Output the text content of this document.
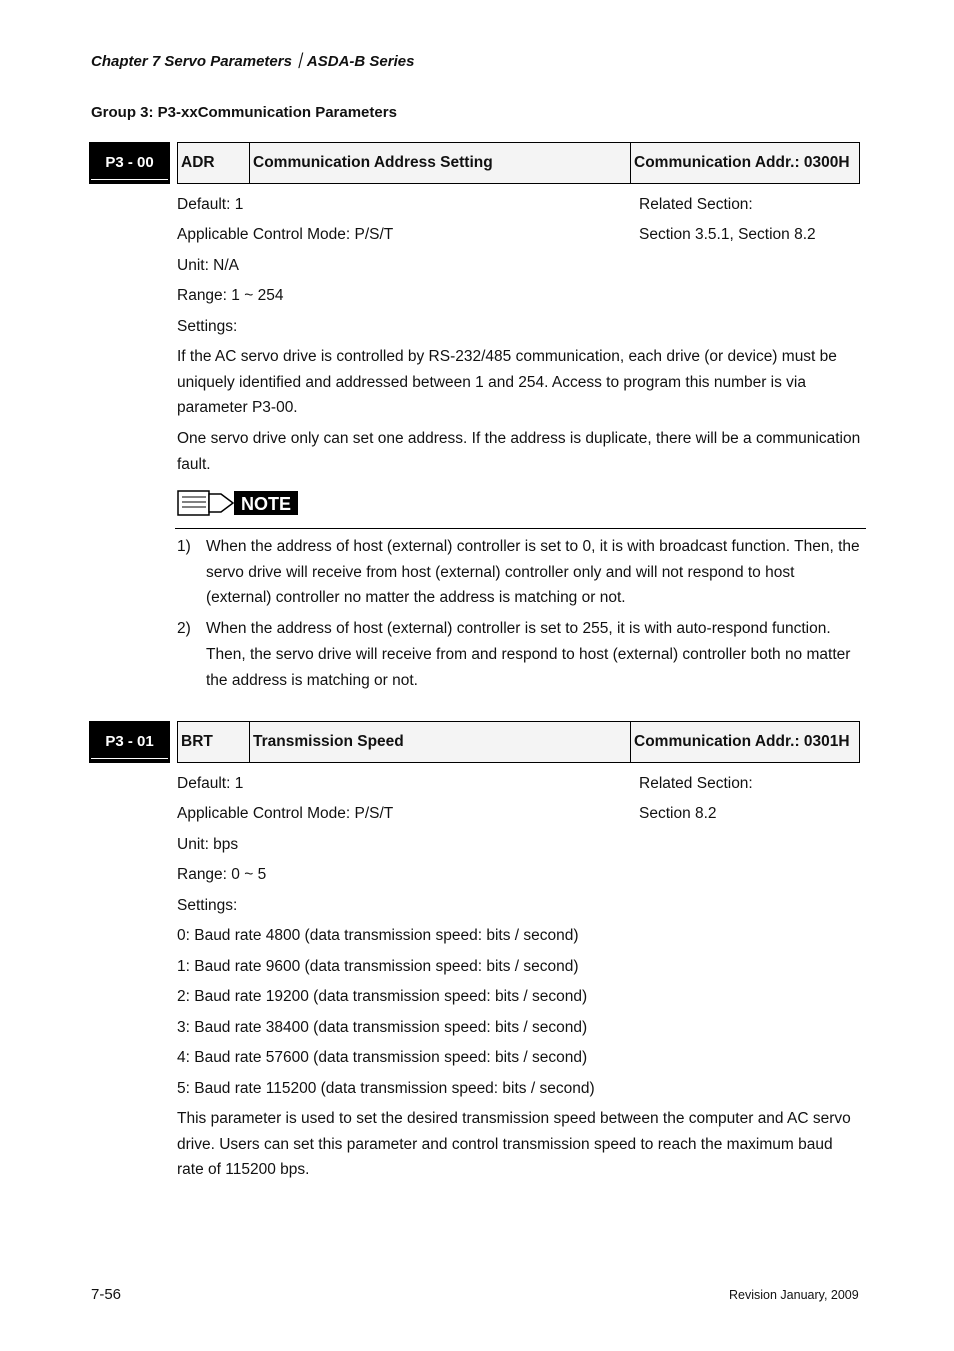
Chapter 7 Servo Parameters｜ASDA-B Series
Group 3: P3-xxCommunication Parameters
P3 - 00	ADR	Communication Address Setting	Communication Addr.: 0300H
Default: 1	Related Section:
Applicable Control Mode: P/S/T	Section 3.5.1, Section 8.2
Unit: N/A
Range: 1 ~ 254
Settings:
If the AC servo drive is controlled by RS-232/485 communication, each drive (or device) must be uniquely identified and addressed between 1 and 254. Access to program this number is via parameter P3-00.
One servo drive only can set one address. If the address is duplicate, there will be a communication fault.
NOTE
1) When the address of host (external) controller is set to 0, it is with broadcast function. Then, the servo drive will receive from host (external) controller only and will not respond to host (external) controller no matter the address is matching or not.
2) When the address of host (external) controller is set to 255, it is with auto-respond function. Then, the servo drive will receive from and respond to host (external) controller both no matter the address is matching or not.
P3 - 01	BRT	Transmission Speed	Communication Addr.: 0301H
Default: 1	Related Section:
Applicable Control Mode: P/S/T	Section 8.2
Unit: bps
Range: 0 ~ 5
Settings:
0: Baud rate 4800 (data transmission speed: bits / second)
1: Baud rate 9600 (data transmission speed: bits / second)
2: Baud rate 19200 (data transmission speed: bits / second)
3: Baud rate 38400 (data transmission speed: bits / second)
4: Baud rate 57600 (data transmission speed: bits / second)
5: Baud rate 115200 (data transmission speed: bits / second)
This parameter is used to set the desired transmission speed between the computer and AC servo drive. Users can set this parameter and control transmission speed to reach the maximum baud rate of 115200 bps.
7-56	Revision January, 2009
